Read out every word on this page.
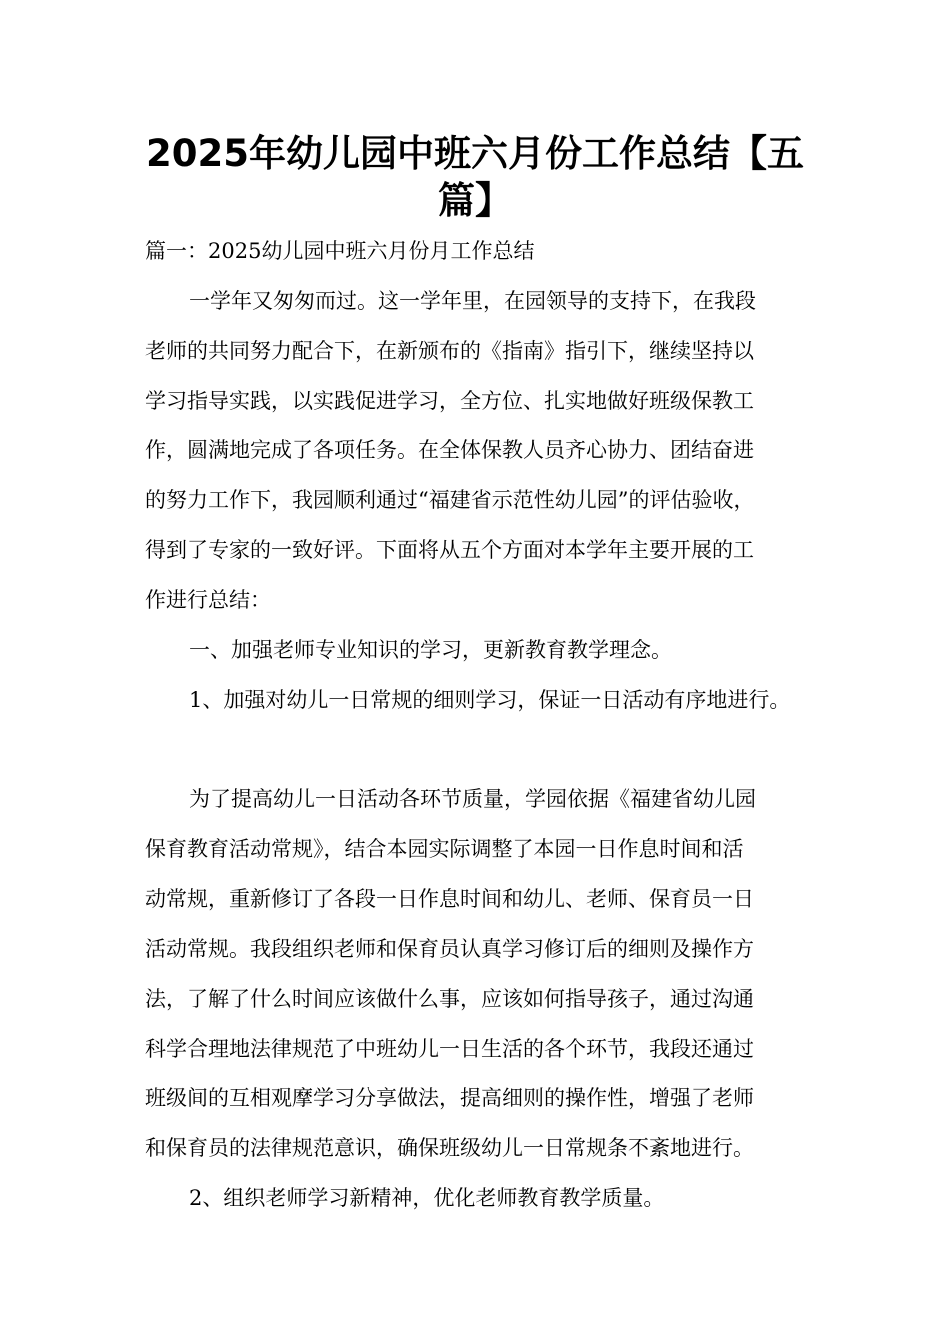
2025年幼儿园中班六月份工作总结【五
篇】

篇一：2025幼儿园中班六月份月工作总结

一学年又匆匆而过。这一学年里，在园领导的支持下，在我段

老师的共同努力配合下，在新颁布的《指南》指引下，继续坚持以

学习指导实践，以实践促进学习，全方位、扎实地做好班级保教工

作，圆满地完成了各项任务。在全体保教人员齐心协力、团结奋进

的努力工作下，我园顺利通过“福建省示范性幼儿园”的评估验收，

得到了专家的一致好评。下面将从五个方面对本学年主要开展的工

作进行总结：

一、加强老师专业知识的学习，更新教育教学理念。

1、加强对幼儿一日常规的细则学习，保证一日活动有序地进行。

为了提高幼儿一日活动各环节质量，学园依据《福建省幼儿园

保育教育活动常规》，结合本园实际调整了本园一日作息时间和活

动常规，重新修订了各段一日作息时间和幼儿、老师、保育员一日

活动常规。我段组织老师和保育员认真学习修订后的细则及操作方

法，了解了什么时间应该做什么事，应该如何指导孩子，通过沟通

科学合理地法律规范了中班幼儿一日生活的各个环节，我段还通过

班级间的互相观摩学习分享做法，提高细则的操作性，增强了老师

和保育员的法律规范意识，确保班级幼儿一日常规条不紊地进行。

2、组织老师学习新精神，优化老师教育教学质量。
